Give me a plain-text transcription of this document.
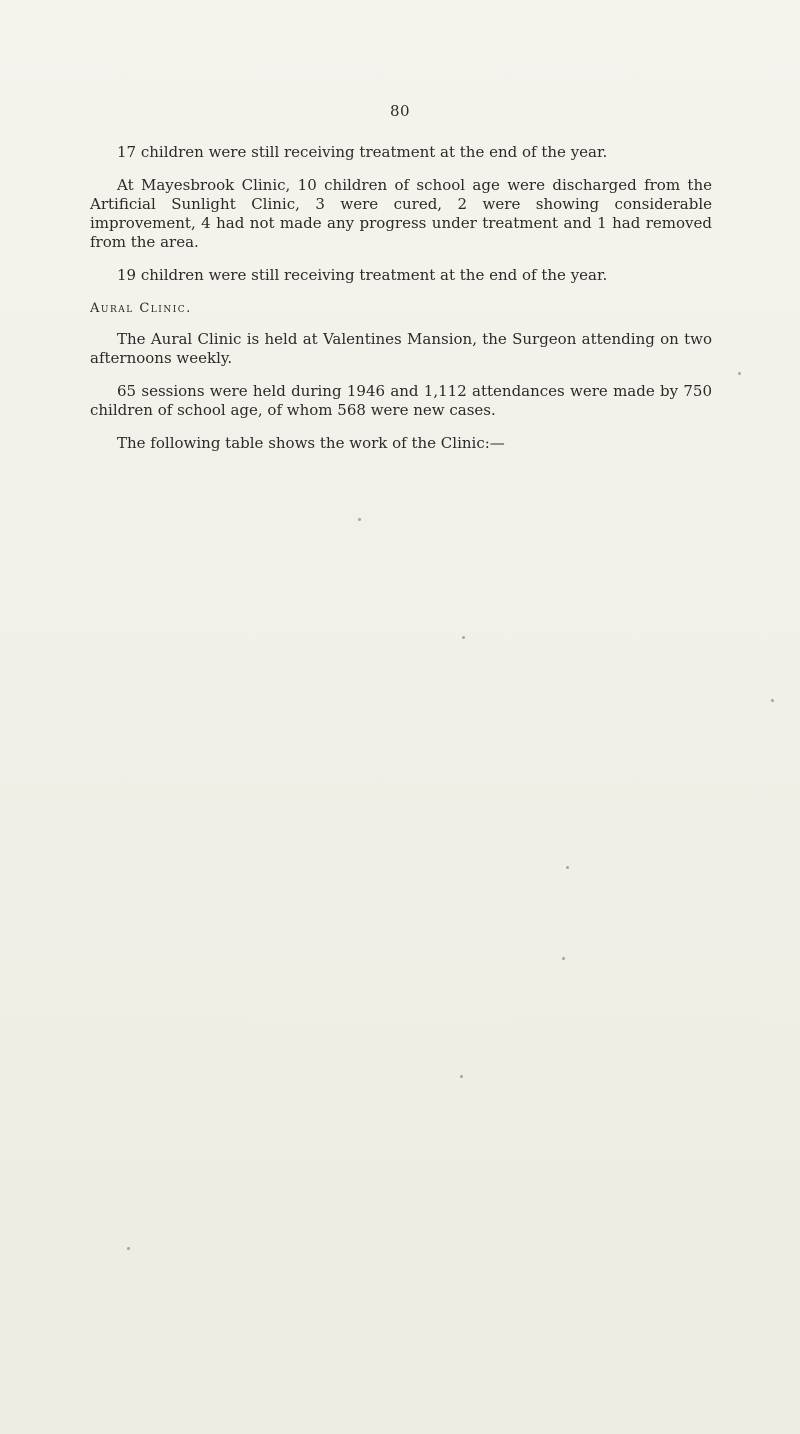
80

17 children were still receiving treatment at the end of the year.

At Mayesbrook Clinic, 10 children of school age were discharged from the Artificial Sunlight Clinic, 3 were cured, 2 were showing considerable improvement, 4 had not made any progress under treatment and 1 had removed from the area.

19 children were still receiving treatment at the end of the year.

Aural Clinic.

The Aural Clinic is held at Valentines Mansion, the Surgeon attending on two afternoons weekly.

65 sessions were held during 1946 and 1,112 attendances were made by 750 children of school age, of whom 568 were new cases.

The following table shows the work of the Clinic:—
